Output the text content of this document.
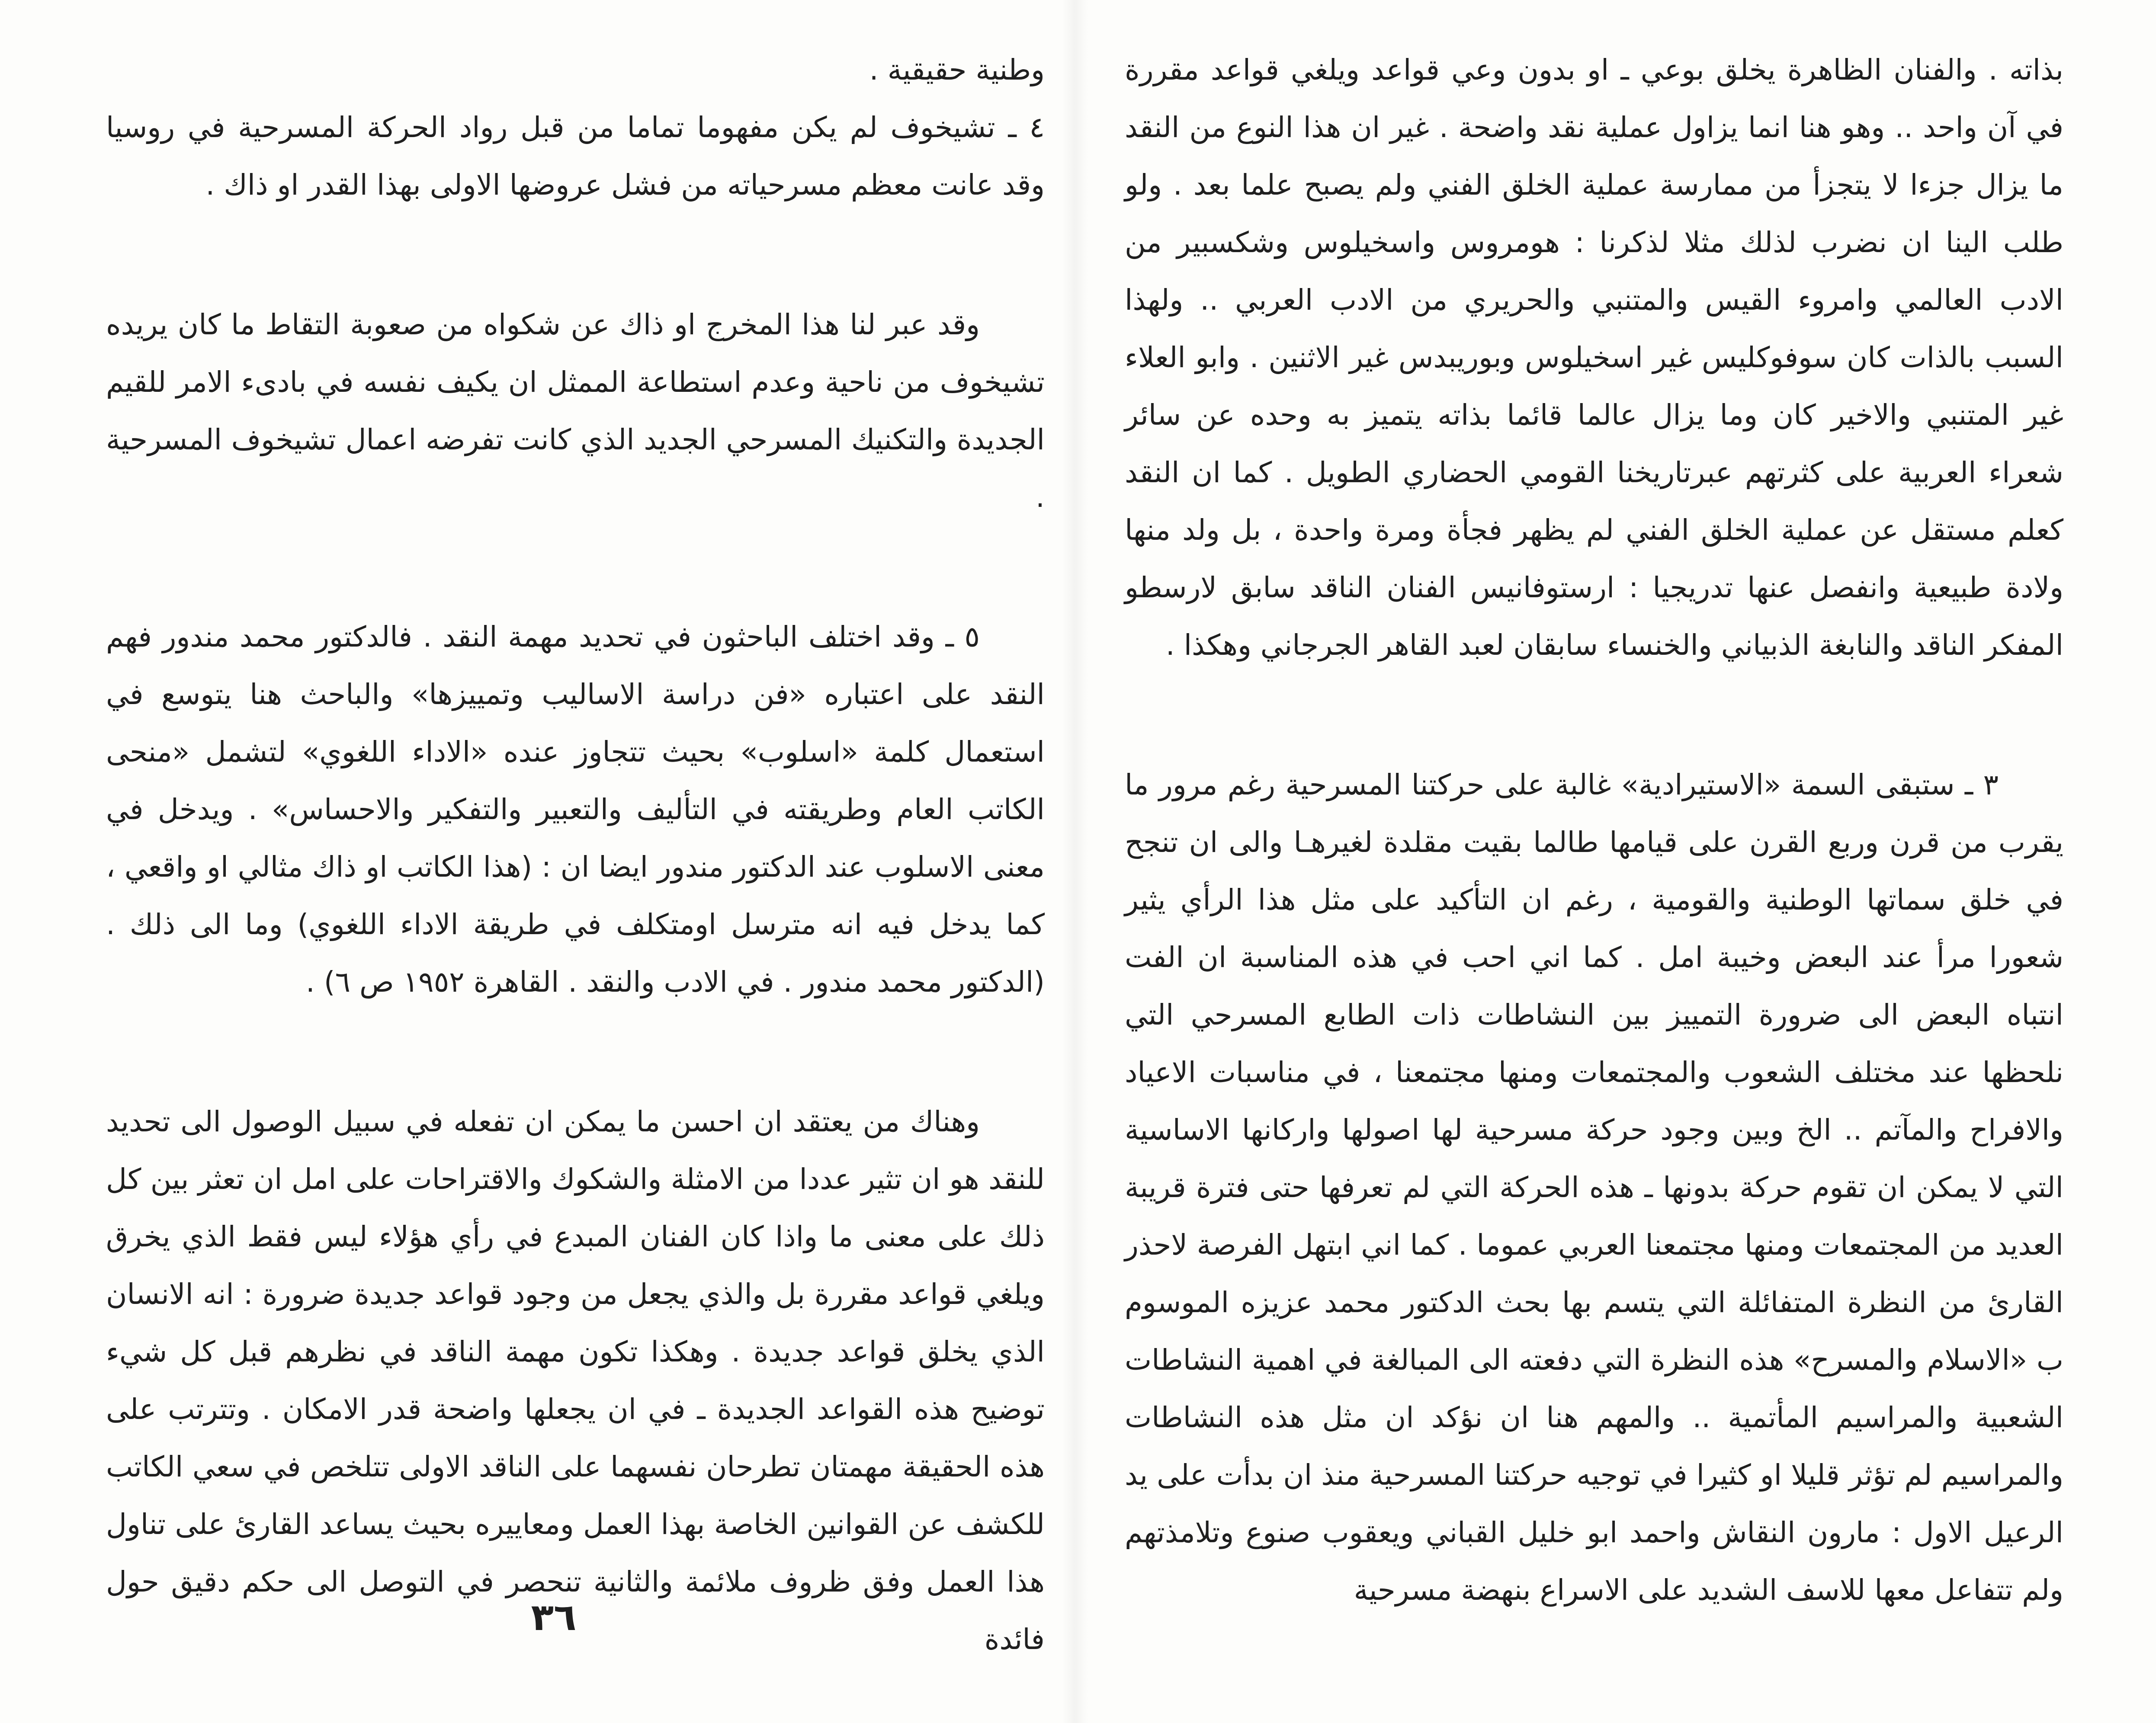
بذاته . والفنان الظاهرة يخلق بوعي ـ او بدون وعي قواعد ويلغي قواعد مقررة في آن واحد .. وهو هنا انما يزاول عملية نقد واضحة . غير ان هذا النوع من النقد ما يزال جزءا لا يتجزأ من ممارسة عملية الخلق الفني ولم يصبح علما بعد . ولو طلب الينا ان نضرب لذلك مثلا لذكرنا : هومروس واسخيلوس وشكسبير من الادب العالمي وامروء القيس والمتنبي والحريري من الادب العربي .. ولهذا السبب بالذات كان سوفوكليس غير اسخيلوس وبوريبدس غير الاثنين . وابو العلاء غير المتنبي والاخير كان وما يزال عالما قائما بذاته يتميز به وحده عن سائر شعراء العربية على كثرتهم عبرتاريخنا القومي الحضاري الطويل . كما ان النقد كعلم مستقل عن عملية الخلق الفني لم يظهر فجأة ومرة واحدة ، بل ولد منها ولادة طبيعية وانفصل عنها تدريجيا : ارستوفانيس الفنان الناقد سابق لارسطو المفكر الناقد والنابغة الذبياني والخنساء سابقان لعبد القاهر الجرجاني وهكذا .

٣ ـ ستبقى السمة «الاستيرادية» غالبة على حركتنا المسرحية رغم مرور ما يقرب من قرن وربع القرن على قيامها طالما بقيت مقلدة لغيرهـا والى ان تنجح في خلق سماتها الوطنية والقومية ، رغم ان التأكيد على مثل هذا الرأي يثير شعورا مرأ عند البعض وخيبة امل . كما اني احب في هذه المناسبة ان الفت انتباه البعض الى ضرورة التمييز بين النشاطات ذات الطابع المسرحي التي نلحظها عند مختلف الشعوب والمجتمعات ومنها مجتمعنا ، في مناسبات الاعياد والافراح والمآتم .. الخ وبين وجود حركة مسرحية لها اصولها واركانها الاساسية التي لا يمكن ان تقوم حركة بدونها ـ هذه الحركة التي لم تعرفها حتى فترة قريبة العديد من المجتمعات ومنها مجتمعنا العربي عموما . كما اني ابتهل الفرصة لاحذر القارئ من النظرة المتفائلة التي يتسم بها بحث الدكتور محمد عزيزه الموسوم ب «الاسلام والمسرح» هذه النظرة التي دفعته الى المبالغة في اهمية النشاطات الشعبية والمراسيم المأتمية .. والمهم هنا ان نؤكد ان مثل هذه النشاطات والمراسيم لم تؤثر قليلا او كثيرا في توجيه حركتنا المسرحية منذ ان بدأت على يد الرعيل الاول : مارون النقاش واحمد ابو خليل القباني ويعقوب صنوع وتلامذتهم ولم تتفاعل معها للاسف الشديد على الاسراع بنهضة مسرحية

وطنية حقيقية .

٤ ـ تشيخوف لم يكن مفهوما تماما من قبل رواد الحركة المسرحية في روسيا وقد عانت معظم مسرحياته من فشل عروضها الاولى بهذا القدر او ذاك .

وقد عبر لنا هذا المخرج او ذاك عن شكواه من صعوبة التقاط ما كان يريده تشيخوف من ناحية وعدم استطاعة الممثل ان يكيف نفسه في بادىء الامر للقيم الجديدة والتكنيك المسرحي الجديد الذي كانت تفرضه اعمال تشيخوف المسرحية .

٥ ـ وقد اختلف الباحثون في تحديد مهمة النقد . فالدكتور محمد مندور فهم النقد على اعتباره «فن دراسة الاساليب وتمييزها» والباحث هنا يتوسع في استعمال كلمة «اسلوب» بحيث تتجاوز عنده «الاداء اللغوي» لتشمل «منحى الكاتب العام وطريقته في التأليف والتعبير والتفكير والاحساس» . ويدخل في معنى الاسلوب عند الدكتور مندور ايضا ان : (هذا الكاتب او ذاك مثالي او واقعي ، كما يدخل فيه انه مترسل اومتكلف في طريقة الاداء اللغوي) وما الى ذلك . (الدكتور محمد مندور . في الادب والنقد . القاهرة ١٩٥٢ ص ٦) .

وهناك من يعتقد ان احسن ما يمكن ان تفعله في سبيل الوصول الى تحديد للنقد هو ان تثير عددا من الامثلة والشكوك والاقتراحات على امل ان تعثر بين كل ذلك على معنى ما واذا كان الفنان المبدع في رأي هؤلاء ليس فقط الذي يخرق ويلغي قواعد مقررة بل والذي يجعل من وجود قواعد جديدة ضرورة : انه الانسان الذي يخلق قواعد جديدة . وهكذا تكون مهمة الناقد في نظرهم قبل كل شيء توضيح هذه القواعد الجديدة ـ في ان يجعلها واضحة قدر الامكان . وتترتب على هذه الحقيقة مهمتان تطرحان نفسهما على الناقد الاولى تتلخص في سعي الكاتب للكشف عن القوانين الخاصة بهذا العمل ومعاييره بحيث يساعد القارئ على تناول هذا العمل وفق ظروف ملائمة والثانية تنحصر في التوصل الى حكم دقيق حول فائدة

٣٦
